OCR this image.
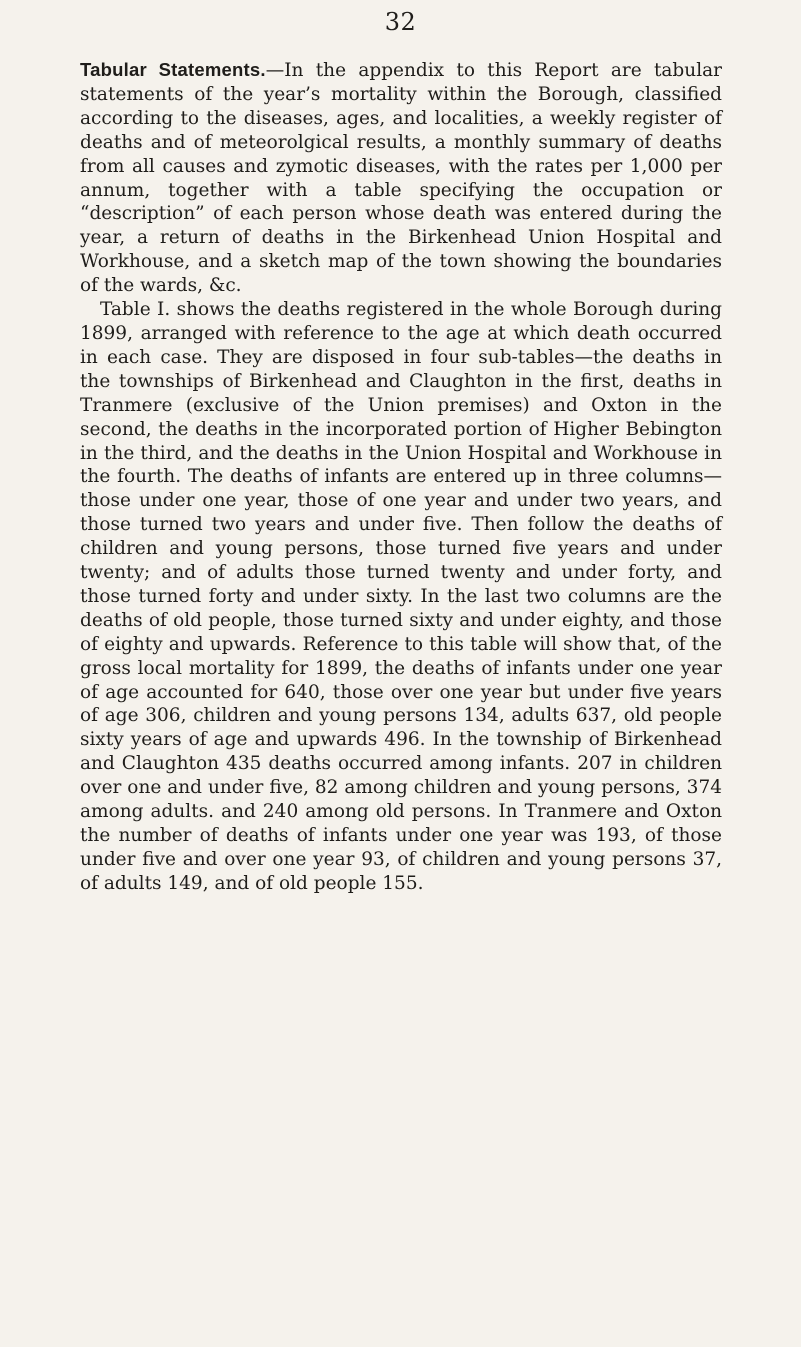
32

Tabular Statements.—In the appendix to this Report are tabular statements of the year’s mortality within the Borough, classified according to the diseases, ages, and localities, a weekly register of deaths and of meteorolgical results, a monthly summary of deaths from all causes and zymotic diseases, with the rates per 1,000 per annum, together with a table specifying the occupation or “description” of each person whose death was entered during the year, a return of deaths in the Birkenhead Union Hospital and Workhouse, and a sketch map of the town showing the boundaries of the wards, &c.

Table I. shows the deaths registered in the whole Borough during 1899, arranged with reference to the age at which death occurred in each case. They are disposed in four sub-tables—the deaths in the townships of Birkenhead and Claughton in the first, deaths in Tranmere (exclusive of the Union premises) and Oxton in the second, the deaths in the incorporated portion of Higher Bebington in the third, and the deaths in the Union Hospital and Workhouse in the fourth. The deaths of infants are entered up in three columns—those under one year, those of one year and under two years, and those turned two years and under five. Then follow the deaths of children and young persons, those turned five years and under twenty; and of adults those turned twenty and under forty, and those turned forty and under sixty. In the last two columns are the deaths of old people, those turned sixty and under eighty, and those of eighty and upwards. Reference to this table will show that, of the gross local mortality for 1899, the deaths of infants under one year of age accounted for 640, those over one year but under five years of age 306, children and young persons 134, adults 637, old people sixty years of age and upwards 496. In the township of Birkenhead and Claughton 435 deaths occurred among infants. 207 in children over one and under five, 82 among children and young persons, 374 among adults. and 240 among old persons. In Tranmere and Oxton the number of deaths of infants under one year was 193, of those under five and over one year 93, of children and young persons 37, of adults 149, and of old people 155.
